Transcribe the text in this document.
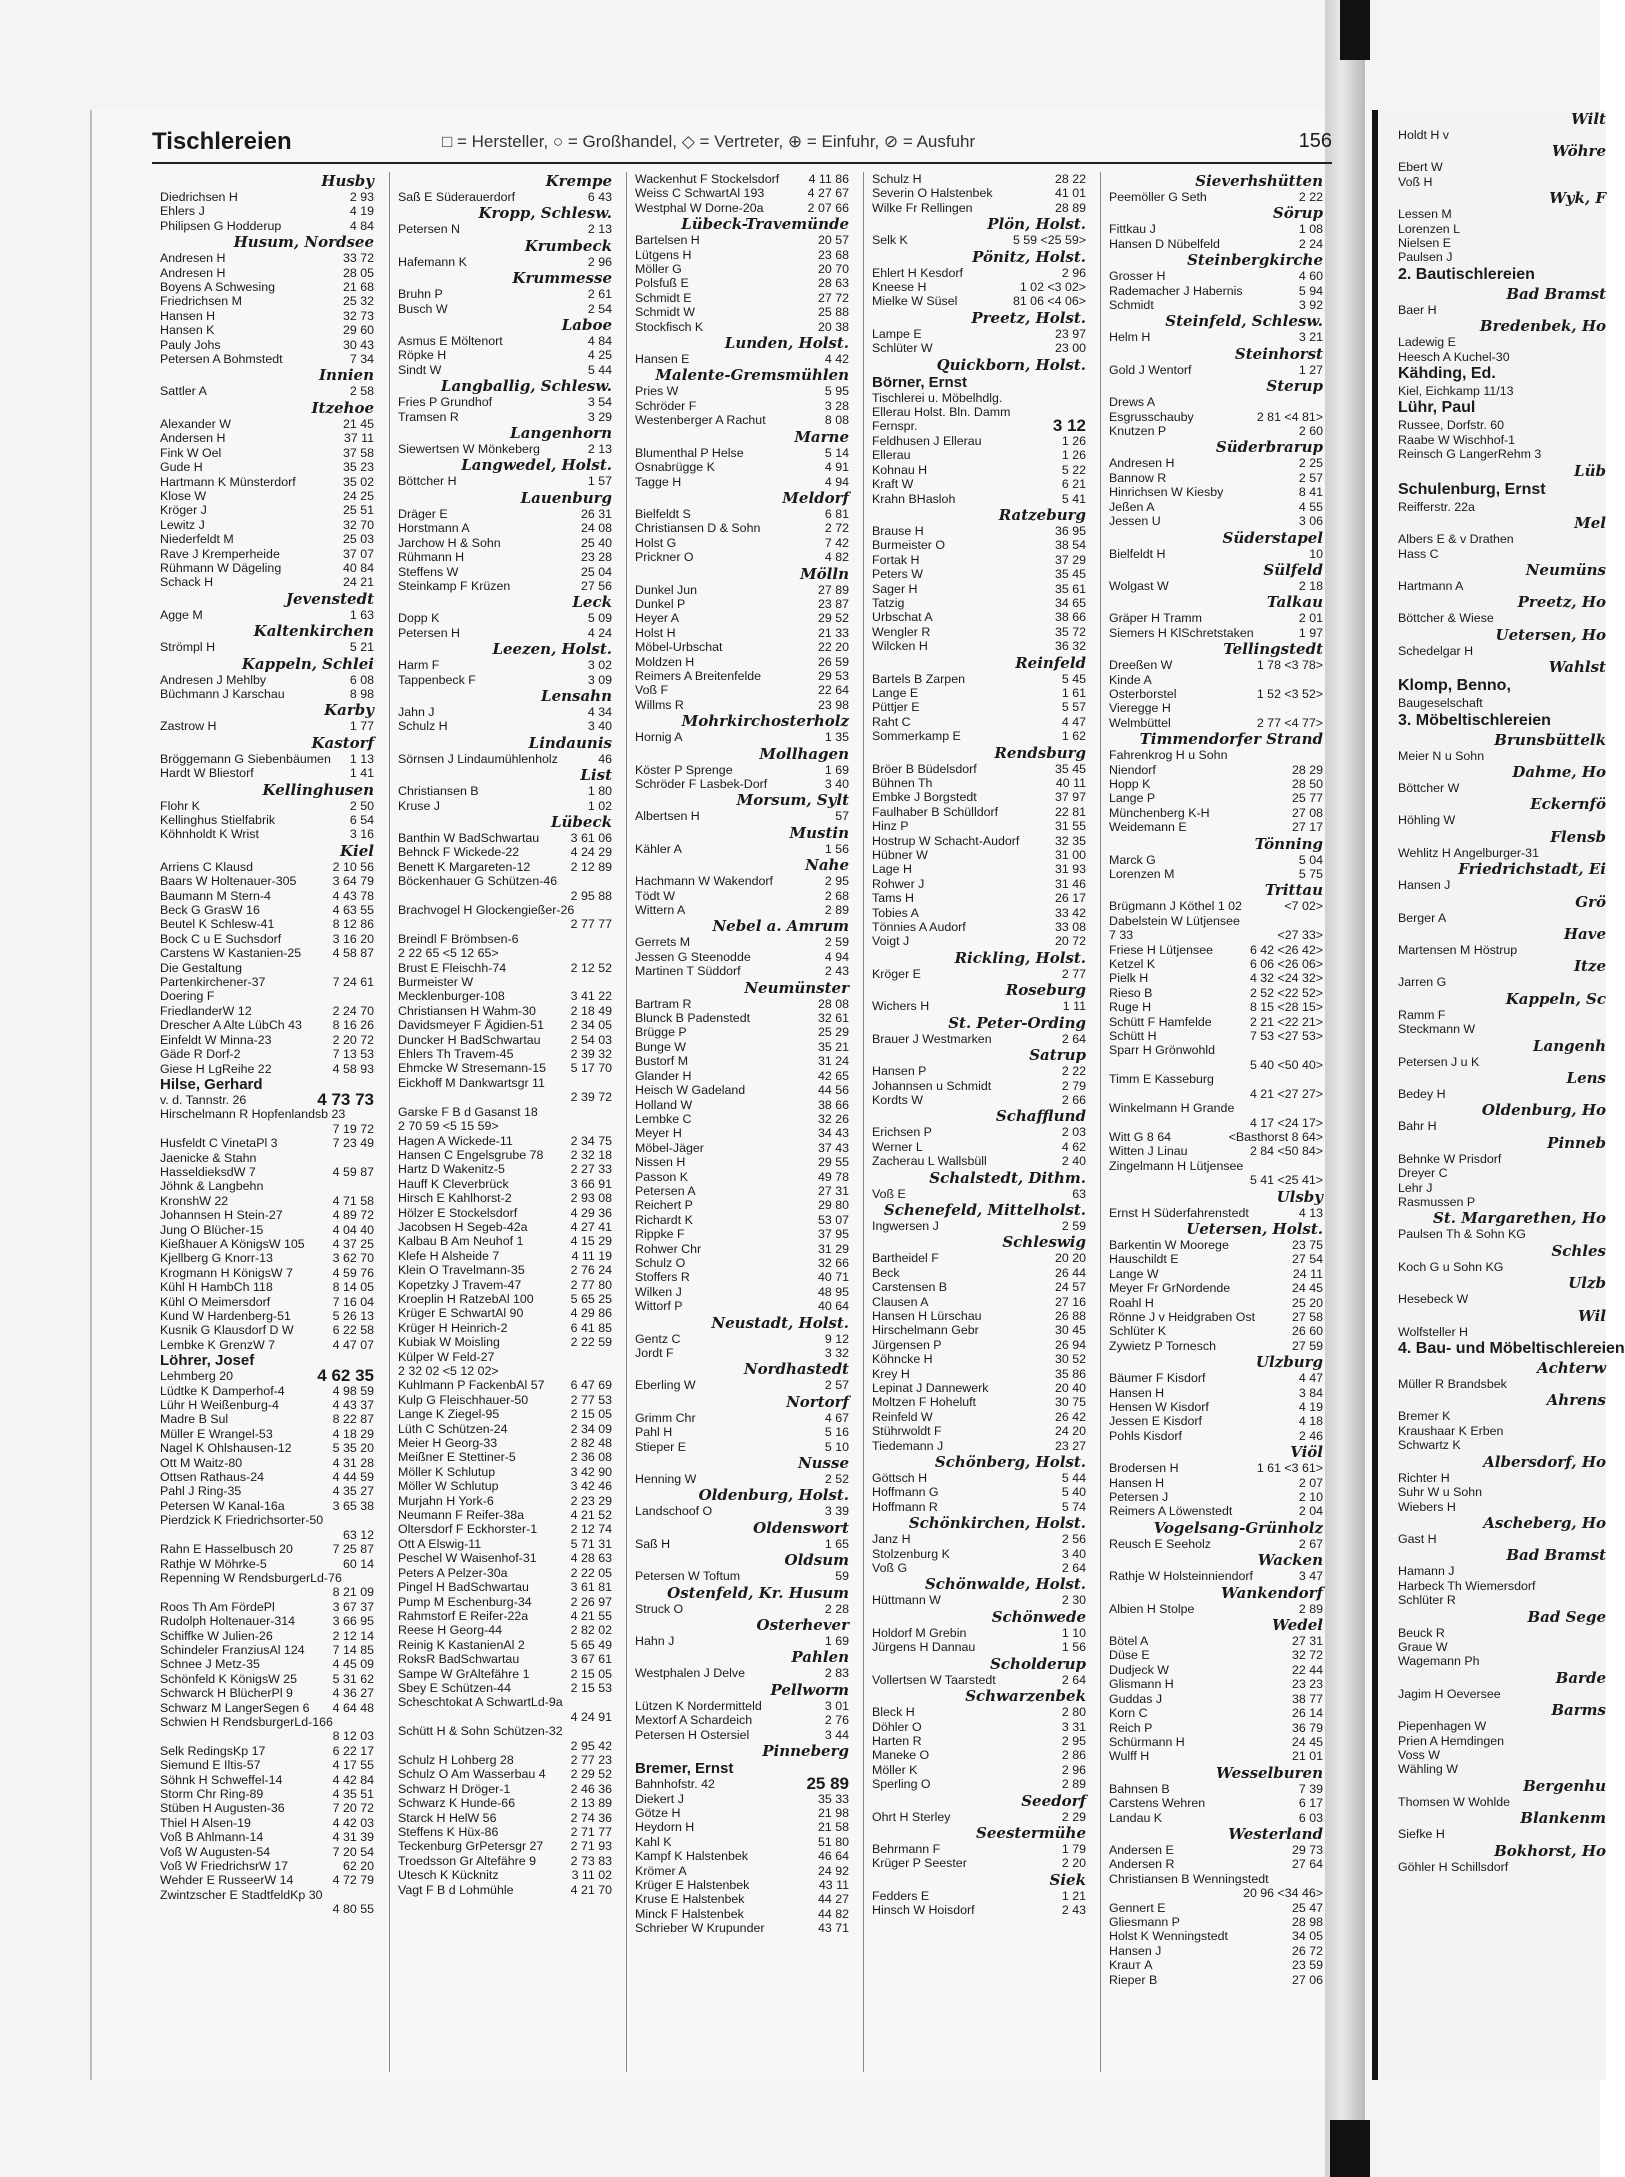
Tischlereien	□ = Hersteller, ○ = Großhandel, ◇ = Vertreter, ⊕ = Einfuhr, ⊘ = Ausfuhr	156
Husby
Diedrichsen H	2 93
Ehlers J	4 19
Philipsen G Hodderup	4 84
Husum, Nordsee
Andresen H	33 72
Andresen H	28 05
Boyens A Schwesing	21 68
Friedrichsen M	25 32
Hansen H	32 73
Hansen K	29 60
Pauly Johs	30 43
Petersen A Bohmstedt	7 34
Innien
Sattler A	2 58
Itzehoe
Alexander W	21 45
Andersen H	37 11
Fink W Oel	37 58
Gude H	35 23
Hartmann K Münsterdorf	35 02
Klose W	24 25
Kröger J	25 51
Lewitz J	32 70
Niederfeldt M	25 03
Rave J Kremperheide	37 07
Rühmann W Dägeling	40 84
Schack H	24 21
Jevenstedt
Agge M	1 63
Kaltenkirchen
Strömpl H	5 21
Kappeln, Schlei
Andresen J Mehlby	6 08
Büchmann J Karschau	8 98
Karby
Zastrow H	1 77
Kastorf
Bröggemann G Siebenbäumen	1 13
Hardt W Bliestorf	1 41
Kellinghusen
Flohr K	2 50
Kellinghus Stielfabrik	6 54
Köhnholdt K Wrist	3 16
Kiel
Arriens C Klausd	2 10 56
Baars W Holtenauer-305	3 64 79
Baumann M Stern-4	4 43 78
Beck G GrasW 16	4 63 55
Beutel K Schlesw-41	8 12 86
Bock C u E Suchsdorf	3 16 20
Carstens W Kastanien-25	4 58 87
Die Gestaltung
Partenkirchener-37	7 24 61
Doering F
FriedlanderW 12	2 24 70
Drescher A Alte LübCh 43	8 16 26
Einfeldt W Minna-23	2 20 72
Gäde R Dorf-2	7 13 53
Giese H LgReihe 22	4 58 93
Hilse, Gerhard
v. d. Tannstr. 26	4 73 73
Hirschelmann R Hopfenlandsb 23
7 19 72
Husfeldt C VinetaPl 3	7 23 49
Jaenicke & Stahn
HasseldieksdW 7	4 59 87
Jöhnk & Langbehn
KronshW 22	4 71 58
Johannsen H Stein-27	4 89 72
Jung O Blücher-15	4 04 40
Kießhauer A KönigsW 105	4 37 25
Kjellberg G Knorr-13	3 62 70
Krogmann H KönigsW 7	4 59 76
Kühl H HambCh 118	8 14 05
Kühl O Meimersdorf	7 16 04
Kund W Hardenberg-51	5 26 13
Kusnik G Klausdorf D W	6 22 58
Lembke K GrenzW 7	4 47 07
Löhrer, Josef
Lehmberg 20	4 62 35
Lüdtke K Damperhof-4	4 98 59
Lühr H Weißenburg-4	4 43 37
Madre B Sul	8 22 87
Müller E Wrangel-53	4 18 29
Nagel K Ohlshausen-12	5 35 20
Ott M Waitz-80	4 31 28
Ottsen Rathaus-24	4 44 59
Pahl J Ring-35	4 35 27
Petersen W Kanal-16a	3 65 38
Pierdzick K Friedrichsorter-50
63 12
Rahn E Hasselbusch 20	7 25 87
Rathje W Möhrke-5	60 14
Repenning W RendsburgerLd-76
8 21 09
Roos Th Am FördePl	3 67 37
Rudolph Holtenauer-314	3 66 95
Schiffke W Julien-26	2 12 14
Schindeler FranziusAl 124	7 14 85
Schnee J Metz-35	4 45 09
Schönfeld K KönigsW 25	5 31 62
Schwarck H BlücherPl 9	4 36 27
Schwarz M LangerSegen 6	4 64 48
Schwien H RendsburgerLd-166
8 12 03
Selk RedingsKp 17	6 22 17
Siemund E Iltis-57	4 17 55
Söhnk H Schweffel-14	4 42 84
Storm Chr Ring-89	4 35 51
Stüben H Augusten-36	7 20 72
Thiel H Alsen-19	4 42 03
Voß B Ahlmann-14	4 31 39
Voß W Augusten-54	7 20 54
Voß W FriedrichsrW 17	62 20
Wehder E RusseerW 14	4 72 79
Zwintzscher E StadtfeldKp 30
4 80 55
Krempe
Saß E Süderauerdorf	6 43
Kropp, Schlesw.
Petersen N	2 13
Krumbeck
Hafemann K	2 96
Krummesse
Bruhn P	2 61
Busch W	2 54
Laboe
Asmus E Möltenort	4 84
Röpke H	4 25
Sindt W	5 44
Langballig, Schlesw.
Fries P Grundhof	3 54
Tramsen R	3 29
Langenhorn
Siewertsen W Mönkeberg	2 13
Langwedel, Holst.
Böttcher H	1 57
Lauenburg
Dräger E	26 31
Horstmann A	24 08
Jarchow H & Sohn	25 40
Rühmann H	23 28
Steffens W	25 04
Steinkamp F Krüzen	27 56
Leck
Dopp K	5 09
Petersen H	4 24
Leezen, Holst.
Harm F	3 02
Tappenbeck F	3 09
Lensahn
Jahn J	4 34
Schulz H	3 40
Lindaunis
Sörnsen J Lindaumühlenholz	46
List
Christiansen B	1 80
Kruse J	1 02
Lübeck
Banthin W BadSchwartau	3 61 06
Behnck F Wickede-22	4 24 29
Benett K Margareten-12	2 12 89
Böckenhauer G Schützen-46
2 95 88
Brachvogel H Glockengießer-26
2 77 77
Breindl F Brömbsen-6
2 22 65 <5 12 65>
Brust E Fleischh-74	2 12 52
Burmeister W
Mecklenburger-108	3 41 22
Christiansen H Wahm-30	2 18 49
Davidsmeyer F Ägidien-51	2 34 05
Duncker H BadSchwartau	2 54 03
Ehlers Th Travem-45	2 39 32
Ehmcke W Stresemann-15	5 17 70
Eickhoff M Dankwartsgr 11
2 39 72
Garske F B d Gasanst 18
2 70 59 <5 15 59>
Hagen A Wickede-11	2 34 75
Hansen C Engelsgrube 78	2 32 18
Hartz D Wakenitz-5	2 27 33
Hauff K Cleverbrück	3 66 91
Hirsch E Kahlhorst-2	2 93 08
Hölzer E Stockelsdorf	4 29 36
Jacobsen H Segeb-42a	4 27 41
Kalbau B Am Neuhof 1	4 15 29
Klefe H Alsheide 7	4 11 19
Klein O Travelmann-35	2 76 24
Kopetzky J Travem-47	2 77 80
Kroeplin H RatzebAl 100	5 65 25
Krüger E SchwartAl 90	4 29 86
Krüger H Heinrich-2	6 41 85
Kubiak W Moisling	2 22 59
Külper W Feld-27
2 32 02 <5 12 02>
Kuhlmann P FackenbAl 57	6 47 69
Kulp G Fleischhauer-50	2 77 53
Lange K Ziegel-95	2 15 05
Lüth C Schützen-24	2 34 09
Meier H Georg-33	2 82 48
Meißner E Stettiner-5	2 36 08
Möller K Schlutup	3 42 90
Möller W Schlutup	3 42 46
Murjahn H York-6	2 23 29
Neumann F Reifer-38a	4 21 52
Oltersdorf F Eckhorster-1	2 12 74
Ott A Elswig-11	5 71 31
Peschel W Waisenhof-31	4 28 63
Peters A Pelzer-30a	2 22 05
Pingel H BadSchwartau	3 61 81
Pump M Eschenburg-34	2 26 97
Rahmstorf E Reifer-22a	4 21 55
Reese H Georg-44	2 82 02
Reinig K KastanienAl 2	5 65 49
RoksR BadSchwartau	3 67 61
Sampe W GrAltefähre 1	2 15 05
Sbey E Schützen-44	2 15 53
Scheschtokat A SchwartLd-9a
4 24 91
Schütt H & Sohn Schützen-32
2 95 42
Schulz H Lohberg 28	2 77 23
Schulz O Am Wasserbau 4	2 29 52
Schwarz H Dröger-1	2 46 36
Schwarz K Hunde-66	2 13 89
Starck H HelW 56	2 74 36
Steffens K Hüx-86	2 71 77
Teckenburg GrPetersgr 27	2 71 93
Troedsson Gr Altefähre 9	2 73 83
Utesch K Kücknitz	3 11 02
Vagt F B d Lohmühle	4 21 70
Wackenhut F Stockelsdorf	4 11 86
Weiss C SchwartAl 193	4 27 67
Westphal W Dorne-20a	2 07 66
Lübeck-Travemünde
Bartelsen H	20 57
Lütgens H	23 68
Möller G	20 70
Polsfuß E	28 63
Schmidt E	27 72
Schmidt W	25 88
Stockfisch K	20 38
Lunden, Holst.
Hansen E	4 42
Malente-Gremsmühlen
Pries W	5 95
Schröder F	3 28
Westenberger A Rachut	8 08
Marne
Blumenthal P Helse	5 14
Osnabrügge K	4 91
Tagge H	4 94
Meldorf
Bielfeldt S	6 81
Christiansen D & Sohn	2 72
Holst G	7 42
Prickner O	4 82
Mölln
Dunkel Jun	27 89
Dunkel P	23 87
Heyer A	29 52
Holst H	21 33
Möbel-Urbschat	22 20
Moldzen H	26 59
Reimers A Breitenfelde	29 53
Voß F	22 64
Willms R	23 98
Mohrkirchosterholz
Hornig A	1 35
Mollhagen
Köster P Sprenge	1 69
Schröder F Lasbek-Dorf	3 40
Morsum, Sylt
Albertsen H	57
Mustin
Kähler A	1 56
Nahe
Hachmann W Wakendorf	2 95
Tödt W	2 68
Wittern A	2 89
Nebel a. Amrum
Gerrets M	2 59
Jessen G Steenodde	4 94
Martinen T Süddorf	2 43
Neumünster
Bartram R	28 08
Blunck B Padenstedt	32 61
Brügge P	25 29
Bunge W	35 21
Bustorf M	31 24
Glander H	42 65
Heisch W Gadeland	44 56
Holland W	38 66
Lembke C	32 26
Meyer H	34 43
Möbel-Jäger	37 43
Nissen H	29 55
Passon K	49 78
Petersen A	27 31
Reichert P	29 80
Richardt K	53 07
Rippke F	37 95
Rohwer Chr	31 29
Schulz O	32 66
Stoffers R	40 71
Wilken J	48 95
Wittorf P	40 64
Neustadt, Holst.
Gentz C	9 12
Jordt F	3 32
Nordhastedt
Eberling W	2 57
Nortorf
Grimm Chr	4 67
Pahl H	5 16
Stieper E	5 10
Nusse
Henning W	2 52
Oldenburg, Holst.
Landschoof O	3 39
Oldenswort
Saß H	1 65
Oldsum
Petersen W Toftum	59
Ostenfeld, Kr. Husum
Struck O	2 28
Osterhever
Hahn J	1 69
Pahlen
Westphalen J Delve	2 83
Pellworm
Lützen K Nordermitteld	3 01
Mextorf A Schardeich	2 76
Petersen H Ostersiel	3 44
Pinneberg
Bremer, Ernst
Bahnhofstr. 42	25 89
Diekert J	35 33
Götze H	21 98
Heydorn H	21 58
Kahl K	51 80
Kampf K Halstenbek	46 64
Krömer A	24 92
Krüger E Halstenbek	43 11
Kruse E Halstenbek	44 27
Minck F Halstenbek	44 82
Schrieber W Krupunder	43 71
Schulz H	28 22
Severin O Halstenbek	41 01
Wilke Fr Rellingen	28 89
Plön, Holst.
Selk K	5 59 <25 59>
Pönitz, Holst.
Ehlert H Kesdorf	2 96
Kneese H	1 02 <3 02>
Mielke W Süsel	81 06 <4 06>
Preetz, Holst.
Lampe E	23 97
Schlüter W	23 00
Quickborn, Holst.
Börner, Ernst
Tischlerei u. Möbelhdlg.
Ellerau Holst. Bln. Damm
Fernspr.	3 12
Feldhusen J Ellerau	1 26
Ellerau	1 26
Kohnau H	5 22
Kraft W	6 21
Krahn BHasloh	5 41
Ratzeburg
Brause H	36 95
Burmeister O	38 54
Fortak H	37 29
Peters W	35 45
Sager H	35 61
Tatzig	34 65
Urbschat A	38 66
Wengler R	35 72
Wilcken H	36 32
Reinfeld
Bartels B Zarpen	5 45
Lange E	1 61
Püttjer E	5 57
Raht C	4 47
Sommerkamp E	1 62
Rendsburg
Bröer B Büdelsdorf	35 45
Bühnen Th	40 11
Embke J Borgstedt	37 97
Faulhaber B Schülldorf	22 81
Hinz P	31 55
Hostrup W Schacht-Audorf	32 35
Hübner W	31 00
Lage H	31 93
Rohwer J	31 46
Tams H	26 17
Tobies A	33 42
Tönnies A Audorf	33 08
Voigt J	20 72
Rickling, Holst.
Kröger E	2 77
Roseburg
Wichers H	1 11
St. Peter-Ording
Brauer J Westmarken	2 64
Satrup
Hansen P	2 22
Johannsen u Schmidt	2 79
Kordts W	2 66
Schafflund
Erichsen P	2 03
Werner L	4 62
Zacherau L Wallsbüll	2 40
Schalstedt, Dithm.
Voß E	63
Schenefeld, Mittelholst.
Ingwersen J	2 59
Schleswig
Bartheidel F	20 20
Beck	26 44
Carstensen B	24 57
Clausen A	27 16
Hansen H Lürschau	26 88
Hirschelmann Gebr	30 45
Jürgensen P	26 94
Köhncke H	30 52
Krey H	35 86
Lepinat J Dannewerk	20 40
Moltzen F Hoheluft	30 75
Reinfeld W	26 42
Stührwoldt F	24 20
Tiedemann J	23 27
Schönberg, Holst.
Göttsch H	5 44
Hoffmann G	5 40
Hoffmann R	5 74
Schönkirchen, Holst.
Janz H	2 56
Stolzenburg K	3 40
Voß G	2 64
Schönwalde, Holst.
Hüttmann W	2 30
Schönwede
Holdorf M Grebin	1 10
Jürgens H Dannau	1 56
Scholderup
Vollertsen W Taarstedt	2 64
Schwarzenbek
Bleck H	2 80
Döhler O	3 31
Harten R	2 95
Maneke O	2 86
Möller K	2 96
Sperling O	2 89
Seedorf
Ohrt H Sterley	2 29
Seestermühe
Behrmann F	1 79
Krüger P Seester	2 20
Siek
Fedders E	1 21
Hinsch W Hoisdorf	2 43
Sieverhshütten
Peemöller G Seth	2 22
Sörup
Fittkau J	1 08
Hansen D Nübelfeld	2 24
Steinbergkirche
Grosser H	4 60
Rademacher J Habernis	5 94
Schmidt	3 92
Steinfeld, Schlesw.
Helm H	3 21
Steinhorst
Gold J Wentorf	1 27
Sterup
Drews A
Esgrusschauby	2 81 <4 81>
Knutzen P	2 60
Süderbrarup
Andresen H	2 25
Bannow R	2 57
Hinrichsen W Kiesby	8 41
Jeßen A	4 55
Jessen U	3 06
Süderstapel
Bielfeldt H	10
Sülfeld
Wolgast W	2 18
Talkau
Gräper H Tramm	2 01
Siemers H KlSchretstaken	1 97
Tellingstedt
Dreeßen W	1 78 <3 78>
Kinde A
Osterborstel	1 52 <3 52>
Vieregge H
Welmbüttel	2 77 <4 77>
Timmendorfer Strand
Fahrenkrog H u Sohn
Niendorf	28 29
Hopp K	28 50
Lange P	25 77
Münchenberg K-H	27 08
Weidemann E	27 17
Tönning
Marck G	5 04
Lorenzen M	5 75
Trittau
Brügmann J Köthel 1 02	<7 02>
Dabelstein W Lütjensee
7 33	<27 33>
Friese H Lütjensee	6 42 <26 42>
Ketzel K	6 06 <26 06>
Pielk H	4 32 <24 32>
Rieso B	2 52 <22 52>
Ruge H	8 15 <28 15>
Schütt F Hamfelde	2 21 <22 21>
Schütt H	7 53 <27 53>
Sparr H Grönwohld
5 40 <50 40>
Timm E Kasseburg
4 21 <27 27>
Winkelmann H Grande
4 17 <24 17>
Witt G 8 64	<Basthorst 8 64>
Witten J Linau	2 84 <50 84>
Zingelmann H Lütjensee
5 41 <25 41>
Ulsby
Ernst H Süderfahrenstedt	4 13
Uetersen, Holst.
Barkentin W Mooregе	23 75
Hauschildt E	27 54
Lange W	24 11
Meyer Fr GrNordende	24 45
Roahl H	25 20
Rönne J v Heidgraben Ost	27 58
Schlüter K	26 60
Zywietz P Tornesch	27 59
Ulzburg
Bäumer F Kisdorf	4 47
Hansen H	3 84
Hensen W Kisdorf	4 19
Jessen E Kisdorf	4 18
Pohls Kisdorf	2 46
Viöl
Brodersen H	1 61 <3 61>
Hansen H	2 07
Petersen J	2 10
Reimers A Löwenstedt	2 04
Vogelsang-Grünholz
Reusch E Seeholz	2 67
Wacken
Rathje W Holsteinniendorf	3 47
Wankendorf
Albien H Stolpe	2 89
Wedel
Bötel A	27 31
Düse E	32 72
Dudjeck W	22 44
Glismann H	23 23
Guddas J	38 77
Korn C	26 14
Reich P	36 79
Schürmann H	24 45
Wulff H	21 01
Wesselburen
Bahnsen B	7 39
Carstens Wehren	6 17
Landau K	6 03
Westerland
Andersen E	29 73
Andersen R	27 64
Christiansen B Wenningstedt
20 96 <34 46>
Gennert E	25 47
Gliesmann P	28 98
Holst K Wenningstedt	34 05
Hansen J	26 72
Krauт A	23 59
Rieper B	27 06
Wilt
Holdt H v
Wöhre
Ebert W
Voß H
Wyk, F
Lessen M
Lorenzen L
Nielsen E
Paulsen J
2. Bautischlereien
Bad Bramst
Baer H
Bredenbek, Ho
Ladewig E
Heesch A Kuchel-30
Kähding, Ed.
Kiel, Eichkamp 11/13
Lühr, Paul
Russee, Dorfstr. 60
Raabe W Wischhof-1
Reinsch G LangerRehm 3
Lüb
Schulenburg, Ernst
Reifferstr. 22a
Mel
Albers E & v Drathen
Hass C
Neumüns
Hartmann A
Preetz, Ho
Böttcher & Wiese
Uetersen, Ho
Schedelgar H
Wahlst
Klomp, Benno,
Baugeselschaft
3. Möbeltischlereien
Brunsbüttelk
Meier N u Sohn
Dahme, Ho
Böttcher W
Eckernfö
Höhling W
Flensb
Wehlitz H Angelburger-31
Friedrichstadt, Ei
Hansen J
Grö
Berger A
Have
Martensen M Höstrup
Itze
Jarren G
Kappeln, Sc
Ramm F
Steckmann W
Langenh
Petersen J u K
Lens
Bedey H
Oldenburg, Ho
Bahr H
Pinneb
Behnke W Prisdorf
Dreyer C
Lehr J
Rasmussen P
St. Margarethen, Ho
Paulsen Th & Sohn KG
Schles
Koch G u Sohn KG
Ulzb
Hesebeck W
Wil
Wolfsteller H
4. Bau- und Möbeltischlereien
Achterw
Müller R Brandsbek
Ahrens
Bremer K
Kraushaar K Erben
Schwartz K
Albersdorf, Ho
Richter H
Suhr W u Sohn
Wiebers H
Ascheberg, Ho
Gast H
Bad Bramst
Hamann J
Harbeck Th Wiemersdorf
Schlüter R
Bad Sege
Beuck R
Graue W
Wagemann Ph
Barde
Jagim H Oeversee
Barms
Piepenhagen W
Prien A Hemdingen
Voss W
Wähling W
Bergenhu
Thomsen W Wohlde
Blankenm
Siefke H
Bokhorst, Ho
Göhler H Schillsdorf
